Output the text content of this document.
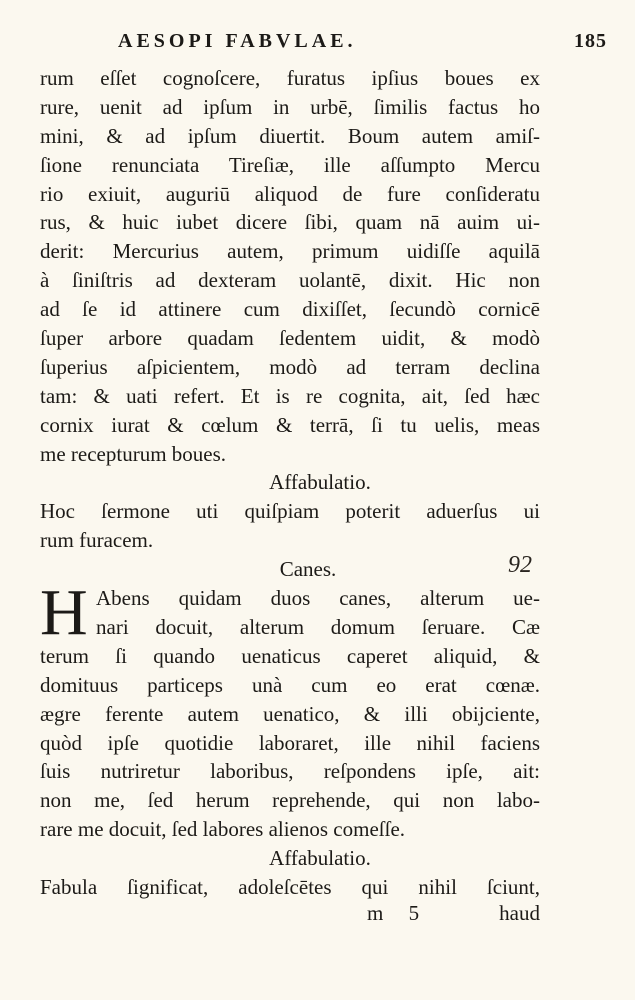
AESOPI FABVLAE.	185
rum eſſet cognoſcere, furatus ipſius boues ex
rure, uenit ad ipſum in urbē, ſimilis factus ho
mini, & ad ipſum diuertit. Boum autem amiſ-
ſione renunciata Tireſiæ, ille aſſumpto Mercu
rio exiuit, auguriū aliquod de fure conſideratu
rus, & huic iubet dicere ſibi, quam nā auim ui-
derit: Mercurius autem, primum uidiſſe aquilā
à ſiniſtris ad dexteram uolantē, dixit. Hic non
ad ſe id attinere cum dixiſſet, ſecundò cornicē
ſuper arbore quadam ſedentem uidit, & modò
ſuperius aſpicientem, modò ad terram declina
tam: & uati refert. Et is re cognita, ait, ſed hæc
cornix iurat & cœlum & terrā, ſi tu uelis, meas
me recepturum boues.
Affabulatio.
Hoc ſermone uti quiſpiam poterit aduerſus ui
rum furacem.
Canes.
H Abens quidam duos canes, alterum ue-
nari docuit, alterum domum ſeruare. Cæ
terum ſi quando uenaticus caperet aliquid, &
domituus particeps unà cum eo erat cœnæ.
ægre ferente autem uenatico, & illi obijciente,
quòd ipſe quotidie laboraret, ille nihil faciens
ſuis nutriretur laboribus, reſpondens ipſe, ait:
non me, ſed herum reprehende, qui non labo-
rare me docuit, ſed labores alienos comeſſe.
Affabulatio.
Fabula ſignificat, adoleſcētes qui nihil ſciunt,
92
m 5	haud
